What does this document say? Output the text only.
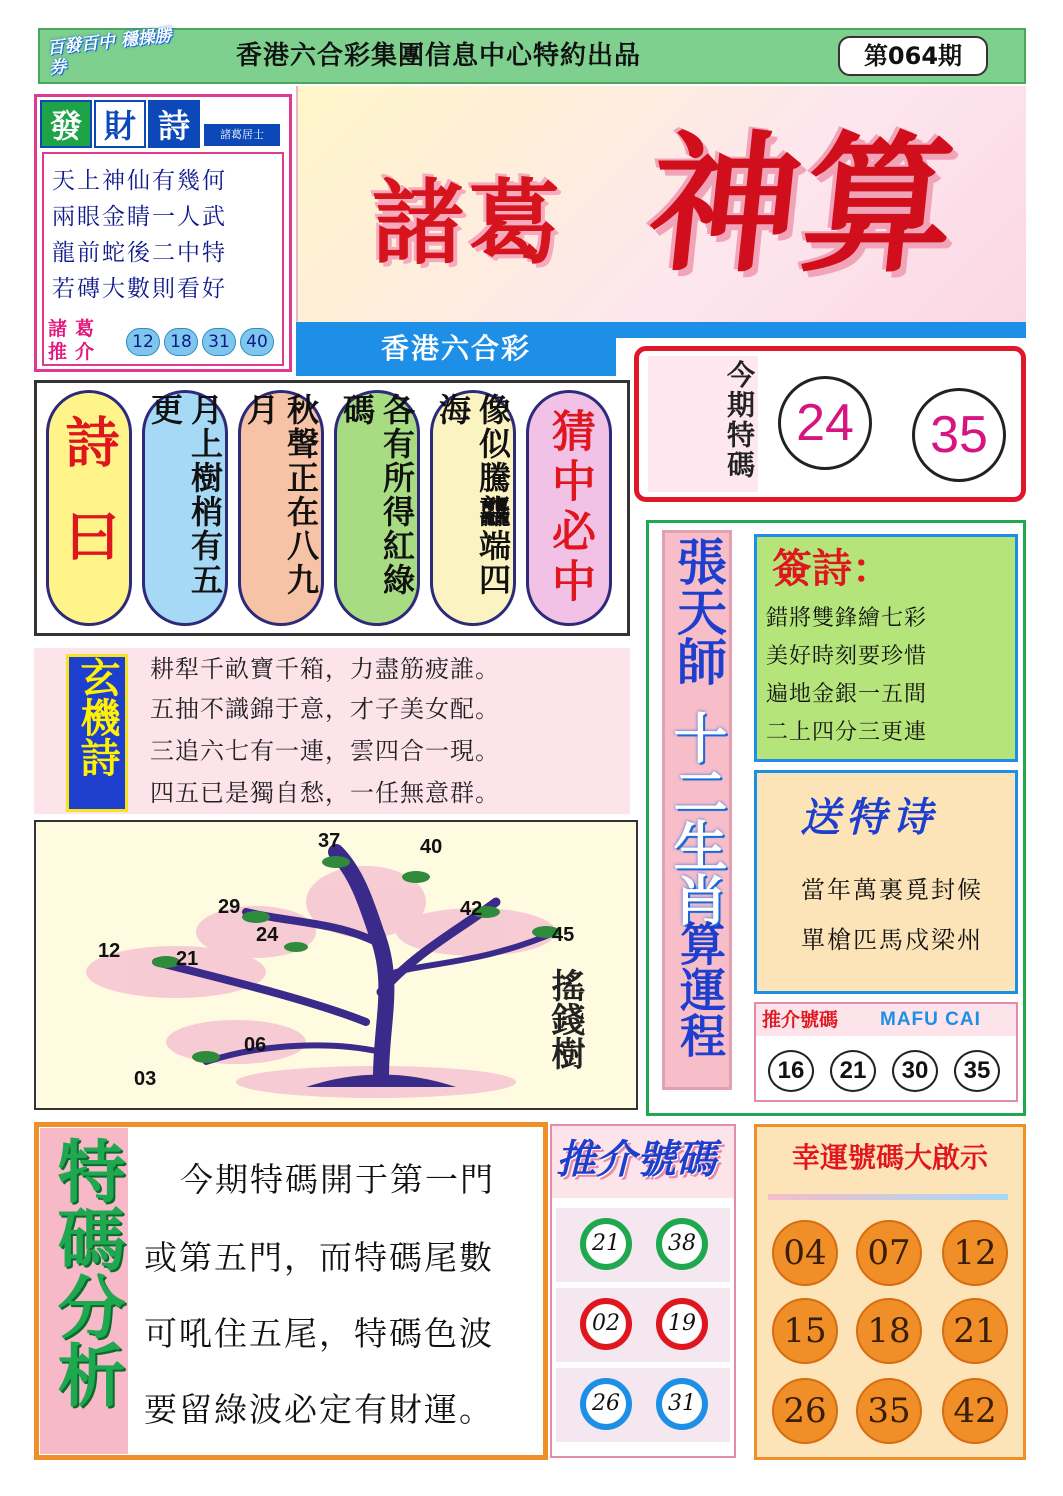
百發百中 穩操勝券	香港六合彩集團信息中心特約出品	第064期
諸葛 神算
發 財 詩	諸葛居士
天上神仙有幾何
兩眼金睛一人武
龍前蛇後二中特
若磚大數則看好
諸葛
推介	12 18 31 40	香港六合彩
今期特碼 24	35
詩曰	月上樹梢有五更	秋聲正在八九月	各有所得紅綠碼	像似騰龘端四海	猜中必中
玄機詩	耕犁千畝寶千箱，力盡筋疲誰。
五抽不識錦于意，才子美女配。
三追六七有一連，雲四合一現。
四五已是獨自愁，一任無意群。
37	40
29
24
42
45
12	21
06
03
搖錢樹
張天師
十二生肖
算運程
簽詩：
錯將雙鋒繪七彩
美好時刻要珍惜
遍地金銀一五間
二上四分三更連
送特诗
當年萬裏覓封候
單槍匹馬戍梁州
推介號碼 MAFU CAI
16	21	30	35
特碼分析 今期特碼開于第一門
或第五門，而特碼尾數
可吼住五尾，特碼色波
要留綠波必定有財運。
推介號碼
21	38
02	19
26	31
幸運號碼大啟示
04	07	12
15	18	21
26	35	42
